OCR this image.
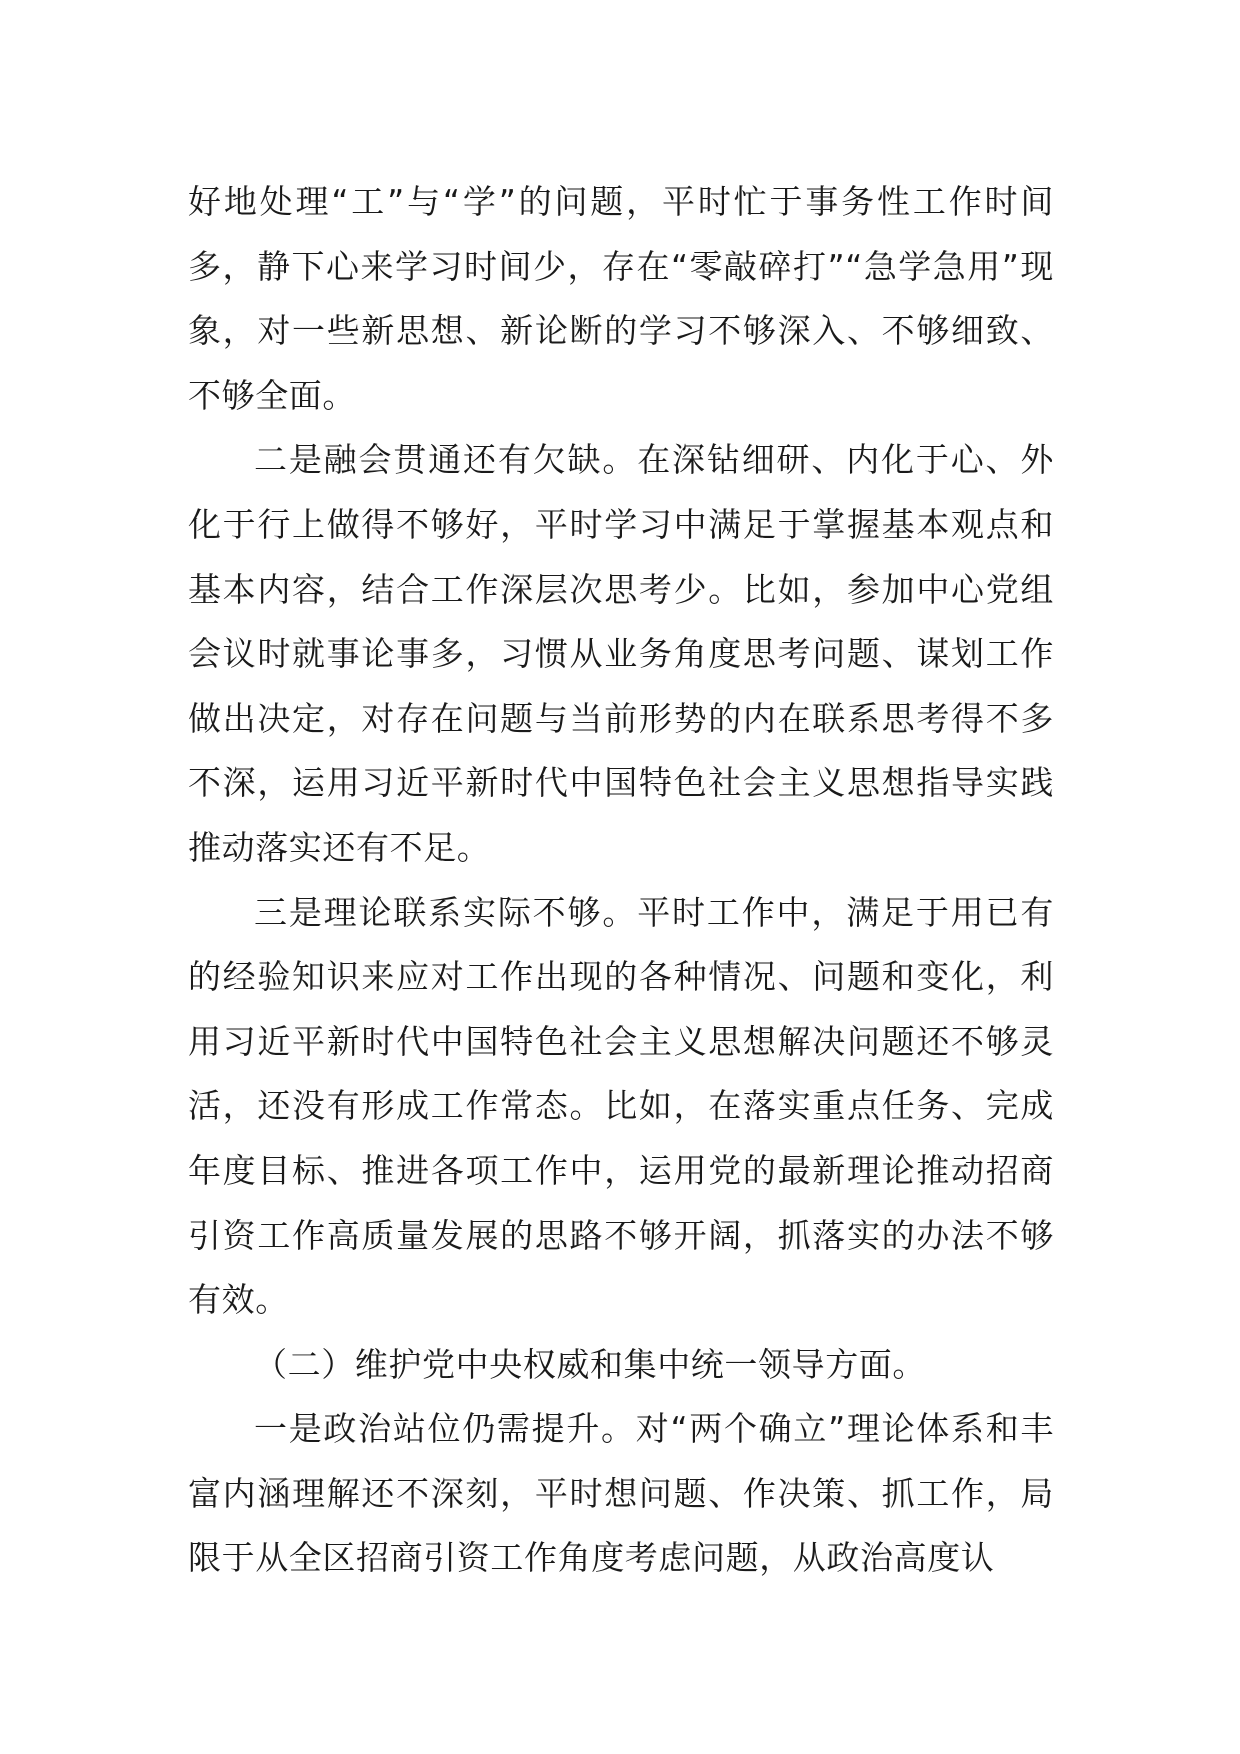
好地处理“工”与“学”的问题，平时忙于事务性工作时间多，静下心来学习时间少，存在“零敲碎打”“急学急用”现象，对一些新思想、新论断的学习不够深入、不够细致、不够全面。

二是融会贯通还有欠缺。在深钻细研、内化于心、外化于行上做得不够好，平时学习中满足于掌握基本观点和基本内容，结合工作深层次思考少。比如，参加中心党组会议时就事论事多，习惯从业务角度思考问题、谋划工作做出决定，对存在问题与当前形势的内在联系思考得不多不深，运用习近平新时代中国特色社会主义思想指导实践推动落实还有不足。

三是理论联系实际不够。平时工作中，满足于用已有的经验知识来应对工作出现的各种情况、问题和变化，利用习近平新时代中国特色社会主义思想解决问题还不够灵活，还没有形成工作常态。比如，在落实重点任务、完成年度目标、推进各项工作中，运用党的最新理论推动招商引资工作高质量发展的思路不够开阔，抓落实的办法不够有效。

（二）维护党中央权威和集中统一领导方面。

一是政治站位仍需提升。对“两个确立”理论体系和丰富内涵理解还不深刻，平时想问题、作决策、抓工作，局限于从全区招商引资工作角度考虑问题，从政治高度认
